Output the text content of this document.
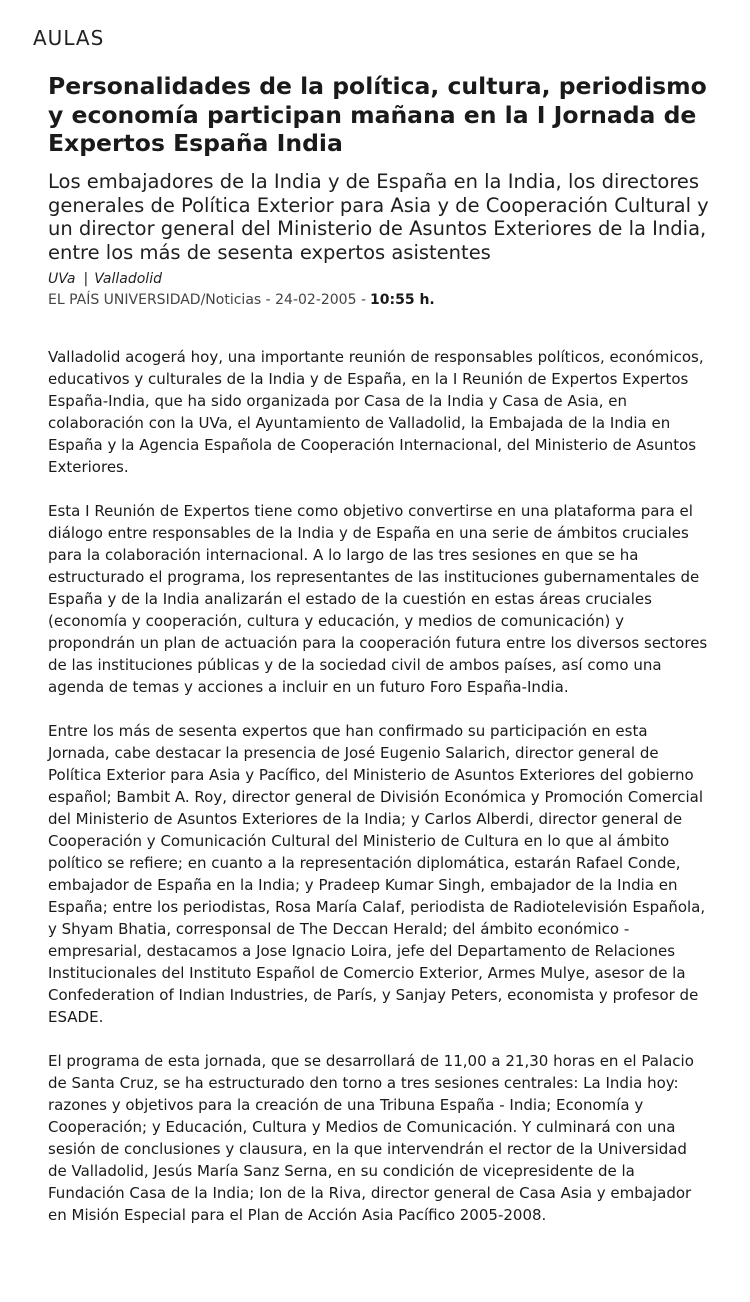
AULAS
Personalidades de la política, cultura, periodismo y economía participan mañana en la I Jornada de Expertos España India

Los embajadores de la India y de España en la India, los directores generales de Política Exterior para Asia y de Cooperación Cultural y un director general del Ministerio de Asuntos Exteriores de la India, entre los más de sesenta expertos asistentes

UVa | Valladolid
EL PAÍS UNIVERSIDAD/Noticias - 24-02-2005 - 10:55 h.

Valladolid acogerá hoy, una importante reunión de responsables políticos, económicos, educativos y culturales de la India y de España, en la I Reunión de Expertos Expertos España-India, que ha sido organizada por Casa de la India y Casa de Asia, en colaboración con la UVa, el Ayuntamiento de Valladolid, la Embajada de la India en España y la Agencia Española de Cooperación Internacional, del Ministerio de Asuntos Exteriores.

Esta I Reunión de Expertos tiene como objetivo convertirse en una plataforma para el diálogo entre responsables de la India y de España en una serie de ámbitos cruciales para la colaboración internacional. A lo largo de las tres sesiones en que se ha estructurado el programa, los representantes de las instituciones gubernamentales de España y de la India analizarán el estado de la cuestión en estas áreas cruciales (economía y cooperación, cultura y educación, y medios de comunicación) y propondrán un plan de actuación para la cooperación futura entre los diversos sectores de las instituciones públicas y de la sociedad civil de ambos países, así como una agenda de temas y acciones a incluir en un futuro Foro España-India.

Entre los más de sesenta expertos que han confirmado su participación en esta Jornada, cabe destacar la presencia de José Eugenio Salarich, director general de Política Exterior para Asia y Pacífico, del Ministerio de Asuntos Exteriores del gobierno español; Bambit A. Roy, director general de División Económica y Promoción Comercial del Ministerio de Asuntos Exteriores de la India; y Carlos Alberdi, director general de Cooperación y Comunicación Cultural del Ministerio de Cultura en lo que al ámbito político se refiere; en cuanto a la representación diplomática, estarán Rafael Conde, embajador de España en la India; y Pradeep Kumar Singh, embajador de la India en España; entre los periodistas, Rosa María Calaf, periodista de Radiotelevisión Española, y Shyam Bhatia, corresponsal de The Deccan Herald; del ámbito económico - empresarial, destacamos a Jose Ignacio Loira, jefe del Departamento de Relaciones Institucionales del Instituto Español de Comercio Exterior, Armes Mulye, asesor de la Confederation of Indian Industries, de París, y Sanjay Peters, economista y profesor de ESADE.

El programa de esta jornada, que se desarrollará de 11,00 a 21,30 horas en el Palacio de Santa Cruz, se ha estructurado den torno a tres sesiones centrales: La India hoy: razones y objetivos para la creación de una Tribuna España - India; Economía y Cooperación; y Educación, Cultura y Medios de Comunicación. Y culminará con una sesión de conclusiones y clausura, en la que intervendrán el rector de la Universidad de Valladolid, Jesús María Sanz Serna, en su condición de vicepresidente de la Fundación Casa de la India; Ion de la Riva, director general de Casa Asia y embajador en Misión Especial para el Plan de Acción Asia Pacífico 2005-2008.
